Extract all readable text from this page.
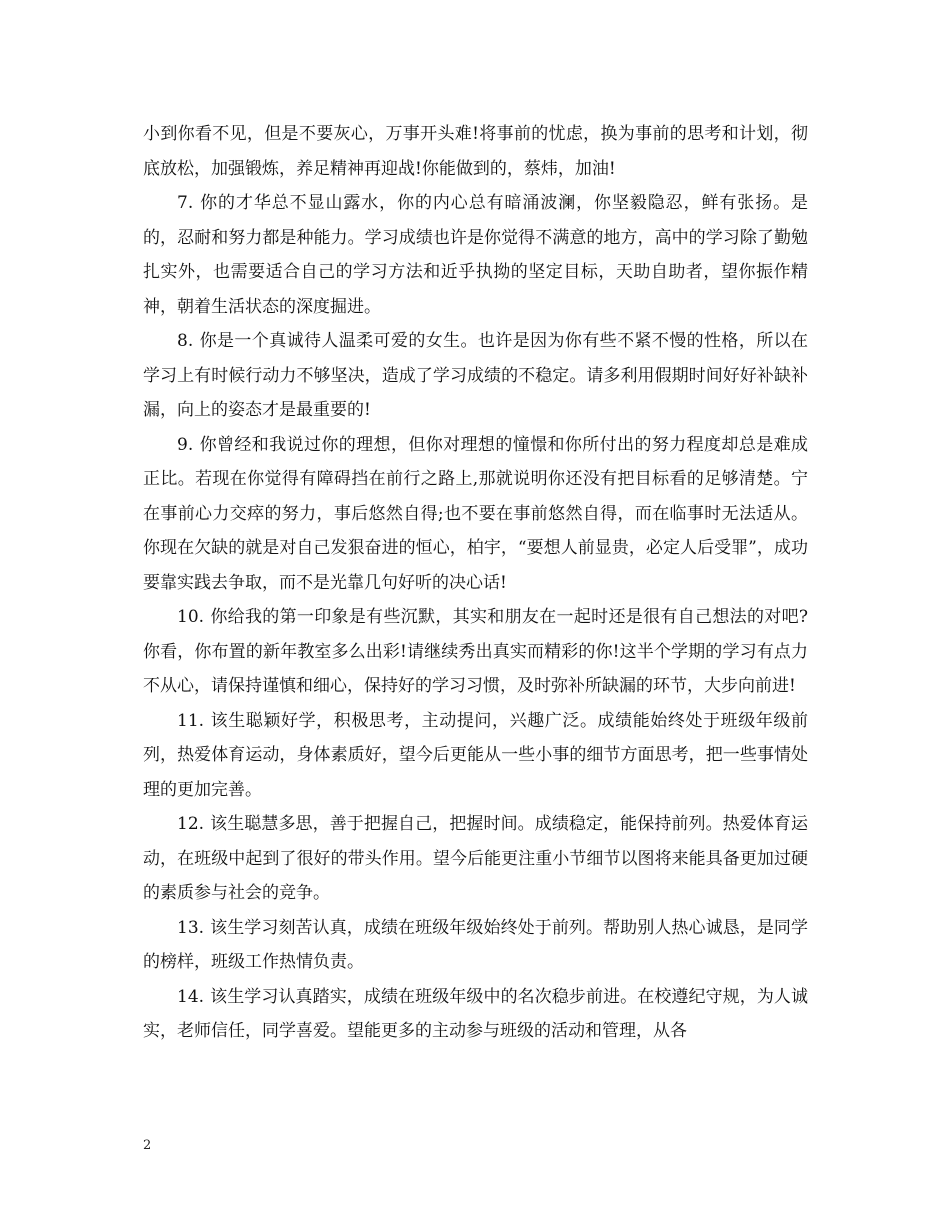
小到你看不见，但是不要灰心，万事开头难!将事前的忧虑，换为事前的思考和计划，彻底放松，加强锻炼，养足精神再迎战!你能做到的，蔡炜，加油!

7. 你的才华总不显山露水，你的内心总有暗涌波澜，你坚毅隐忍，鲜有张扬。是的，忍耐和努力都是种能力。学习成绩也许是你觉得不满意的地方，高中的学习除了勤勉扎实外，也需要适合自己的学习方法和近乎执拗的坚定目标，天助自助者，望你振作精神，朝着生活状态的深度掘进。

8. 你是一个真诚待人温柔可爱的女生。也许是因为你有些不紧不慢的性格，所以在学习上有时候行动力不够坚决，造成了学习成绩的不稳定。请多利用假期时间好好补缺补漏，向上的姿态才是最重要的!

9. 你曾经和我说过你的理想，但你对理想的憧憬和你所付出的努力程度却总是难成正比。若现在你觉得有障碍挡在前行之路上,那就说明你还没有把目标看的足够清楚。宁在事前心力交瘁的努力，事后悠然自得;也不要在事前悠然自得，而在临事时无法适从。你现在欠缺的就是对自己发狠奋进的恒心，柏宇，“要想人前显贵，必定人后受罪”，成功要靠实践去争取，而不是光靠几句好听的决心话!

10. 你给我的第一印象是有些沉默，其实和朋友在一起时还是很有自己想法的对吧?你看，你布置的新年教室多么出彩!请继续秀出真实而精彩的你!这半个学期的学习有点力不从心，请保持谨慎和细心，保持好的学习习惯，及时弥补所缺漏的环节，大步向前进!

11. 该生聪颖好学，积极思考，主动提问，兴趣广泛。成绩能始终处于班级年级前列，热爱体育运动，身体素质好，望今后更能从一些小事的细节方面思考，把一些事情处理的更加完善。

12. 该生聪慧多思，善于把握自己，把握时间。成绩稳定，能保持前列。热爱体育运动，在班级中起到了很好的带头作用。望今后能更注重小节细节以图将来能具备更加过硬的素质参与社会的竞争。

13. 该生学习刻苦认真，成绩在班级年级始终处于前列。帮助别人热心诚恳，是同学的榜样，班级工作热情负责。

14. 该生学习认真踏实，成绩在班级年级中的名次稳步前进。在校遵纪守规，为人诚实，老师信任，同学喜爱。望能更多的主动参与班级的活动和管理，从各

2
